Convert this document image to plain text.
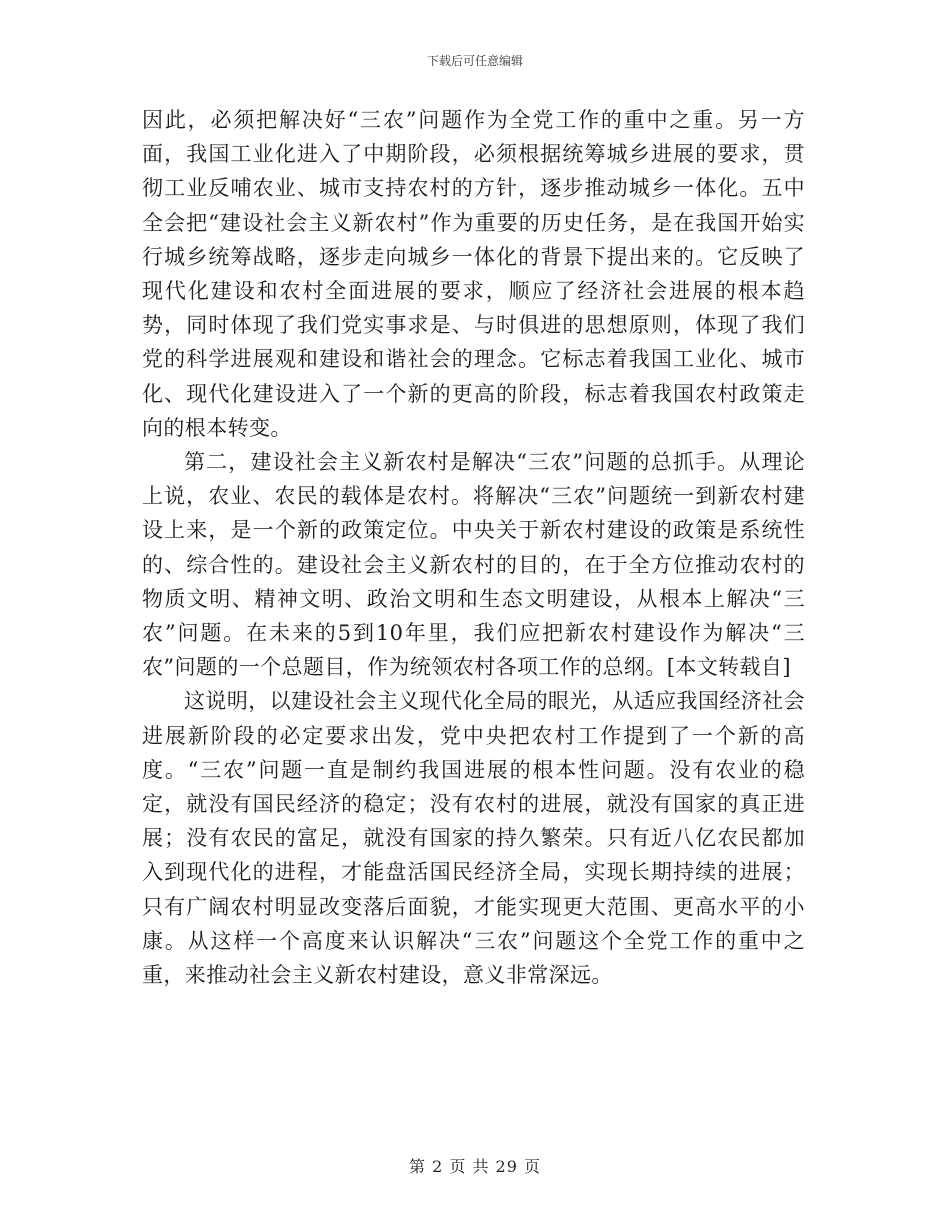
下载后可任意编辑

因此，必须把解决好“三农”问题作为全党工作的重中之重。另一方面，我国工业化进入了中期阶段，必须根据统筹城乡进展的要求，贯彻工业反哺农业、城市支持农村的方针，逐步推动城乡一体化。五中全会把“建设社会主义新农村”作为重要的历史任务，是在我国开始实行城乡统筹战略，逐步走向城乡一体化的背景下提出来的。它反映了现代化建设和农村全面进展的要求，顺应了经济社会进展的根本趋势，同时体现了我们党实事求是、与时俱进的思想原则，体现了我们党的科学进展观和建设和谐社会的理念。它标志着我国工业化、城市化、现代化建设进入了一个新的更高的阶段，标志着我国农村政策走向的根本转变。

第二，建设社会主义新农村是解决“三农”问题的总抓手。从理论上说，农业、农民的载体是农村。将解决“三农”问题统一到新农村建设上来，是一个新的政策定位。中央关于新农村建设的政策是系统性的、综合性的。建设社会主义新农村的目的，在于全方位推动农村的物质文明、精神文明、政治文明和生态文明建设，从根本上解决“三农”问题。在未来的5到10年里，我们应把新农村建设作为解决“三农”问题的一个总题目，作为统领农村各项工作的总纲。[本文转载自]

这说明，以建设社会主义现代化全局的眼光，从适应我国经济社会进展新阶段的必定要求出发，党中央把农村工作提到了一个新的高度。“三农”问题一直是制约我国进展的根本性问题。没有农业的稳定，就没有国民经济的稳定；没有农村的进展，就没有国家的真正进展；没有农民的富足，就没有国家的持久繁荣。只有近八亿农民都加入到现代化的进程，才能盘活国民经济全局，实现长期持续的进展；只有广阔农村明显改变落后面貌，才能实现更大范围、更高水平的小康。从这样一个高度来认识解决“三农”问题这个全党工作的重中之重，来推动社会主义新农村建设，意义非常深远。

第 2 页 共 29 页
